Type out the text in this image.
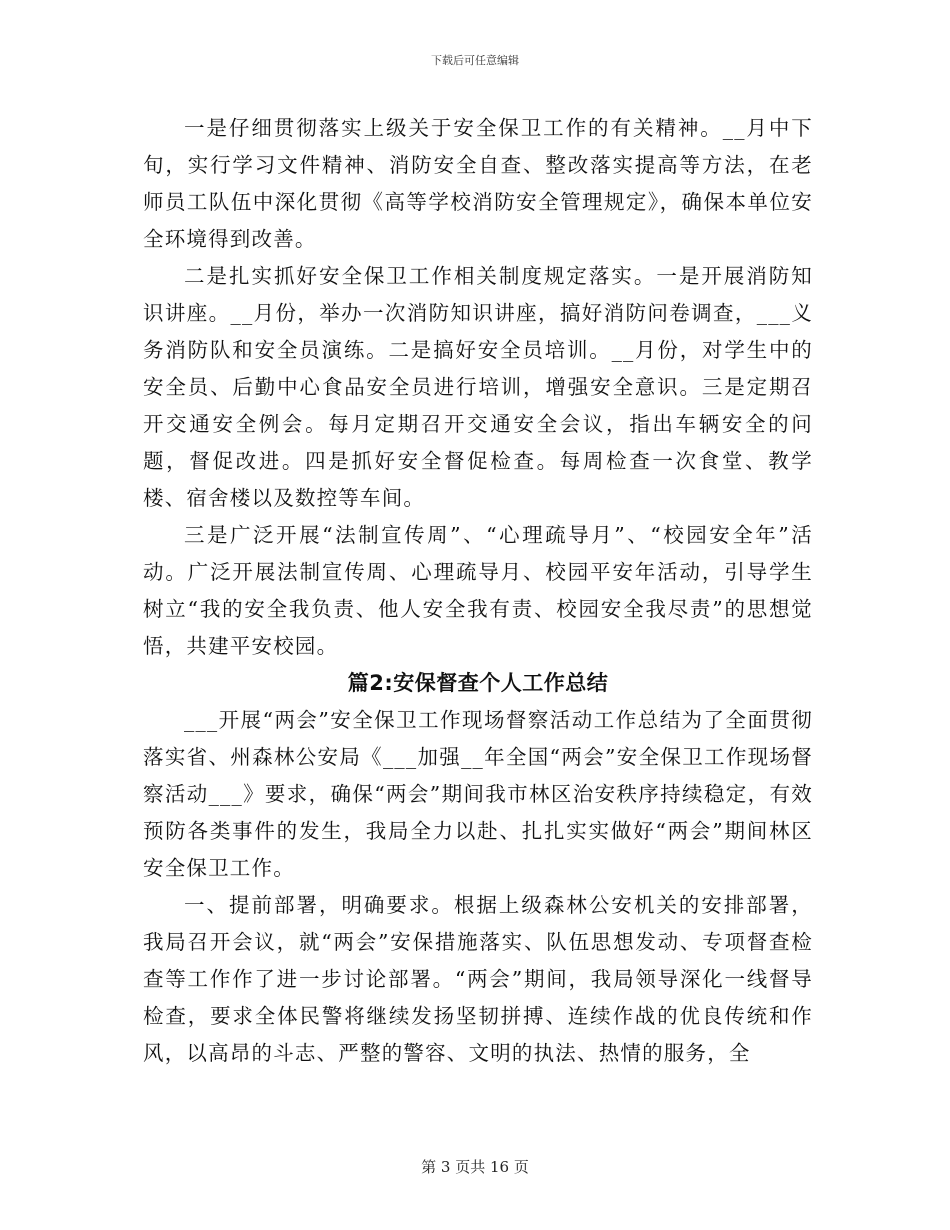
下载后可任意编辑

一是仔细贯彻落实上级关于安全保卫工作的有关精神。__月中下旬，实行学习文件精神、消防安全自查、整改落实提高等方法，在老师员工队伍中深化贯彻《高等学校消防安全管理规定》，确保本单位安全环境得到改善。

二是扎实抓好安全保卫工作相关制度规定落实。一是开展消防知识讲座。__月份，举办一次消防知识讲座，搞好消防问卷调查，___义务消防队和安全员演练。二是搞好安全员培训。__月份，对学生中的安全员、后勤中心食品安全员进行培训，增强安全意识。三是定期召开交通安全例会。每月定期召开交通安全会议，指出车辆安全的问题，督促改进。四是抓好安全督促检查。每周检查一次食堂、教学楼、宿舍楼以及数控等车间。

三是广泛开展“法制宣传周”、“心理疏导月”、“校园安全年”活动。广泛开展法制宣传周、心理疏导月、校园平安年活动，引导学生树立“我的安全我负责、他人安全我有责、校园安全我尽责”的思想觉悟，共建平安校园。

篇2:安保督查个人工作总结

___开展“两会”安全保卫工作现场督察活动工作总结为了全面贯彻落实省、州森林公安局《___加强__年全国“两会”安全保卫工作现场督察活动___》要求，确保“两会”期间我市林区治安秩序持续稳定，有效预防各类事件的发生，我局全力以赴、扎扎实实做好“两会”期间林区安全保卫工作。

一、提前部署，明确要求。根据上级森林公安机关的安排部署，我局召开会议，就“两会”安保措施落实、队伍思想发动、专项督查检查等工作作了进一步讨论部署。“两会”期间，我局领导深化一线督导检查，要求全体民警将继续发扬坚韧拼搏、连续作战的优良传统和作风，以高昂的斗志、严整的警容、文明的执法、热情的服务，全

第 3 页共 16 页
